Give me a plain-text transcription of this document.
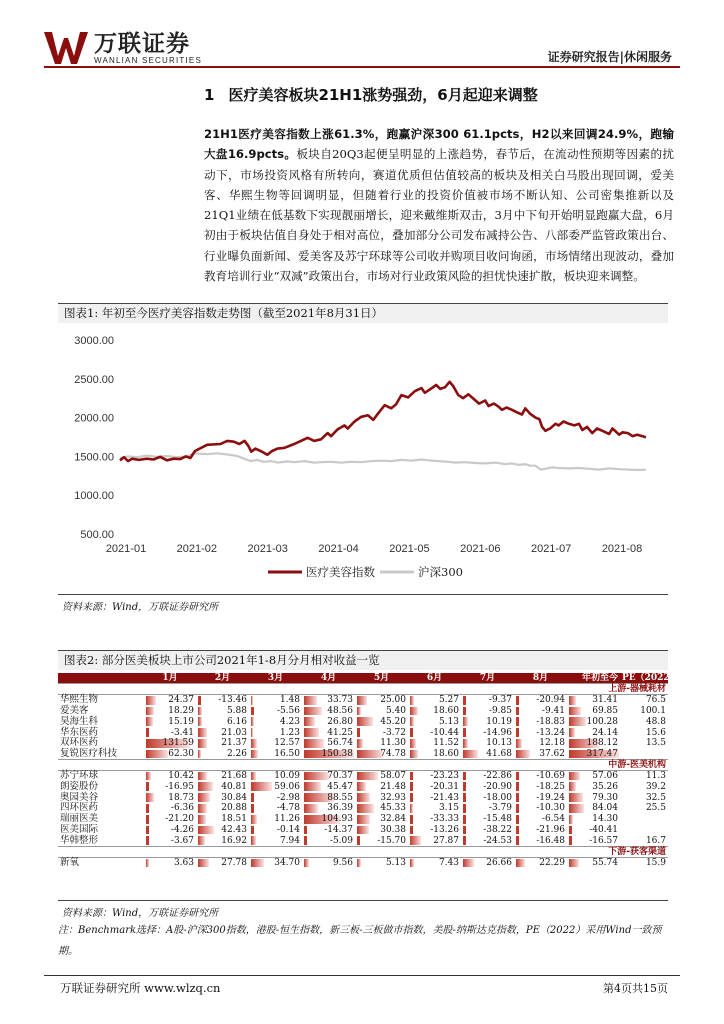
万联证券
WANLIAN SECURITIES	证券研究报告|休闲服务
1 医疗美容板块21H1涨势强劲，6月起迎来调整
21H1医疗美容指数上涨61.3%，跑赢沪深300 61.1pcts，H2以来回调24.9%，跑输大盘16.9pcts。板块自20Q3起便呈明显的上涨趋势，春节后，在流动性预期等因素的扰动下，市场投资风格有所转向，赛道优质但估值较高的板块及相关白马股出现回调，爱美客、华熙生物等回调明显，但随着行业的投资价值被市场不断认知、公司密集推新以及21Q1业绩在低基数下实现靓丽增长，迎来戴维斯双击，3月中下旬开始明显跑赢大盘，6月初由于板块估值自身处于相对高位，叠加部分公司发布减持公告、八部委严监管政策出台、行业曝负面新闻、爱美客及苏宁环球等公司收并购项目收问询函，市场情绪出现波动，叠加教育培训行业“双减”政策出台，市场对行业政策风险的担忧快速扩散，板块迎来调整。
图表1: 年初至今医疗美容指数走势图（截至2021年8月31日）
500.00
1000.00
1500.00
2000.00
2500.00
3000.00
2021-01	2021-02	2021-03	2021-04	2021-05	2021-06	2021-07	2021-08
医疗美容指数	沪深300
资料来源：Wind，万联证券研究所
图表2: 部分医美板块上市公司2021年1-8月分月相对收益一览
	1月	2月	3月	4月	5月	6月	7月	8月	年初至今	PE（2022）
上游-器械耗材										
华熙生物	24.37	-13.46	1.48	33.73	25.00	5.27	-9.37	-20.94	31.41	76.5
爱美客	18.29	5.88	-5.56	48.56	5.40	18.60	-9.85	-9.41	69.85	100.1
昊海生科	15.19	6.16	4.23	26.80	45.20	5.13	10.19	-18.83	100.28	48.8
华东医药	-3.41	21.03	1.23	41.25	-3.72	-10.44	-14.96	-13.24	24.14	15.6
双环医药	131.59	21.37	12.57	56.74	11.30	11.52	10.13	12.18	188.12	13.5
复锐医疗科技	62.30	2.26	16.50	150.38	74.78	18.60	41.68	37.62	317.47	
中游-医美机构										
苏宁环球	10.42	21.68	10.09	70.37	58.07	-23.23	-22.86	-10.69	57.06	11.3
朗姿股份	-16.95	40.81	59.06	45.47	21.48	-20.31	-20.90	-18.25	35.26	39.2
奥园美谷	18.73	30.84	-2.98	88.55	32.93	-21.43	-18.00	-19.24	79.30	32.5
四环医药	-6.36	20.88	-4.78	36.39	45.33	3.15	-3.79	-10.30	84.04	25.5
瑞丽医美	-21.20	18.51	11.26	104.93	32.84	-33.33	-15.48	-6.54	14.30	
医美国际	-4.26	42.43	-0.14	-14.37	30.38	-13.26	-38.22	-21.96	-40.41	
华韩整形	-3.67	16.92	7.94	-5.09	-15.70	27.87	-24.53	-16.48	-16.57	16.7
下游-获客渠道										
新氧	3.63	27.78	34.70	9.56	5.13	7.43	26.66	22.29	55.74	15.9
资料来源：Wind，万联证券研究所
注：Benchmark选择：A股-沪深300指数，港股-恒生指数，新三板-三板做市指数，美股-纳斯达克指数，PE（2022）采用Wind一致预期。
万联证券研究所 www.wlzq.cn	第4页共15页
